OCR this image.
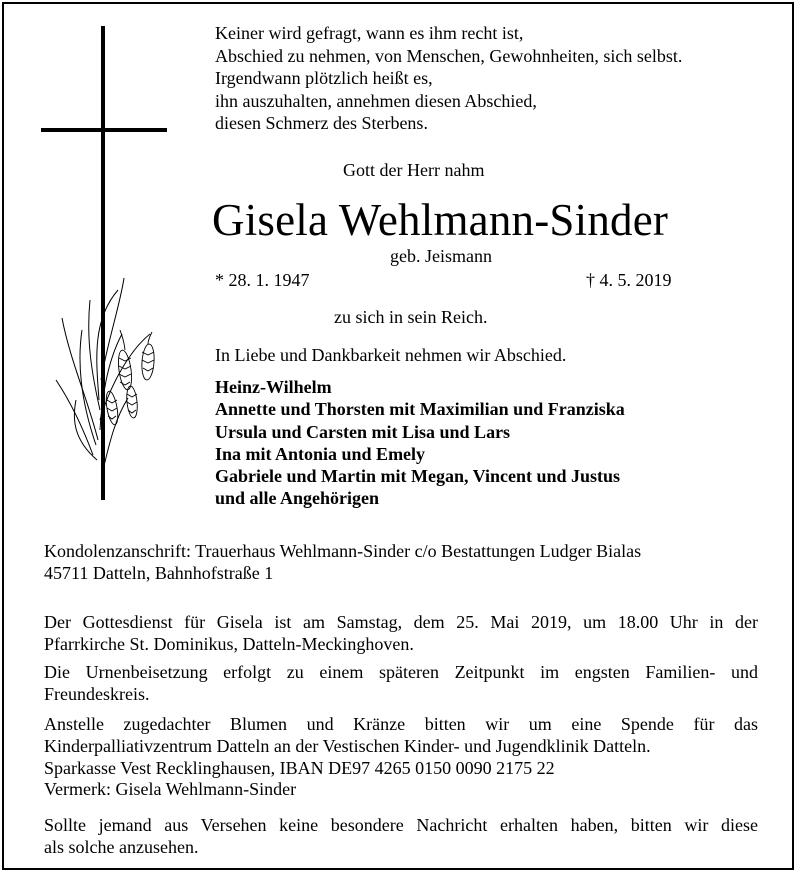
Keiner wird gefragt, wann es ihm recht ist,
Abschied zu nehmen, von Menschen, Gewohnheiten, sich selbst.
Irgendwann plötzlich heißt es,
ihn auszuhalten, annehmen diesen Abschied,
diesen Schmerz des Sterbens.
Gott der Herr nahm
Gisela Wehlmann-Sinder
geb. Jeismann
* 28. 1. 1947	† 4. 5. 2019
zu sich in sein Reich.
In Liebe und Dankbarkeit nehmen wir Abschied.
Heinz-Wilhelm
Annette und Thorsten mit Maximilian und Franziska
Ursula und Carsten mit Lisa und Lars
Ina mit Antonia und Emely
Gabriele und Martin mit Megan, Vincent und Justus
und alle Angehörigen
Kondolenzanschrift: Trauerhaus Wehlmann-Sinder c/o Bestattungen Ludger Bialas
45711 Datteln, Bahnhofstraße 1
Der Gottesdienst für Gisela ist am Samstag, dem 25. Mai 2019, um 18.00 Uhr in der
Pfarrkirche St. Dominikus, Datteln-Meckinghoven.
Die Urnenbeisetzung erfolgt zu einem späteren Zeitpunkt im engsten Familien- und
Freundeskreis.
Anstelle zugedachter Blumen und Kränze bitten wir um eine Spende für das
Kinderpalliativzentrum Datteln an der Vestischen Kinder- und Jugendklinik Datteln.
Sparkasse Vest Recklinghausen, IBAN DE97 4265 0150 0090 2175 22
Vermerk: Gisela Wehlmann-Sinder
Sollte jemand aus Versehen keine besondere Nachricht erhalten haben, bitten wir diese
als solche anzusehen.
